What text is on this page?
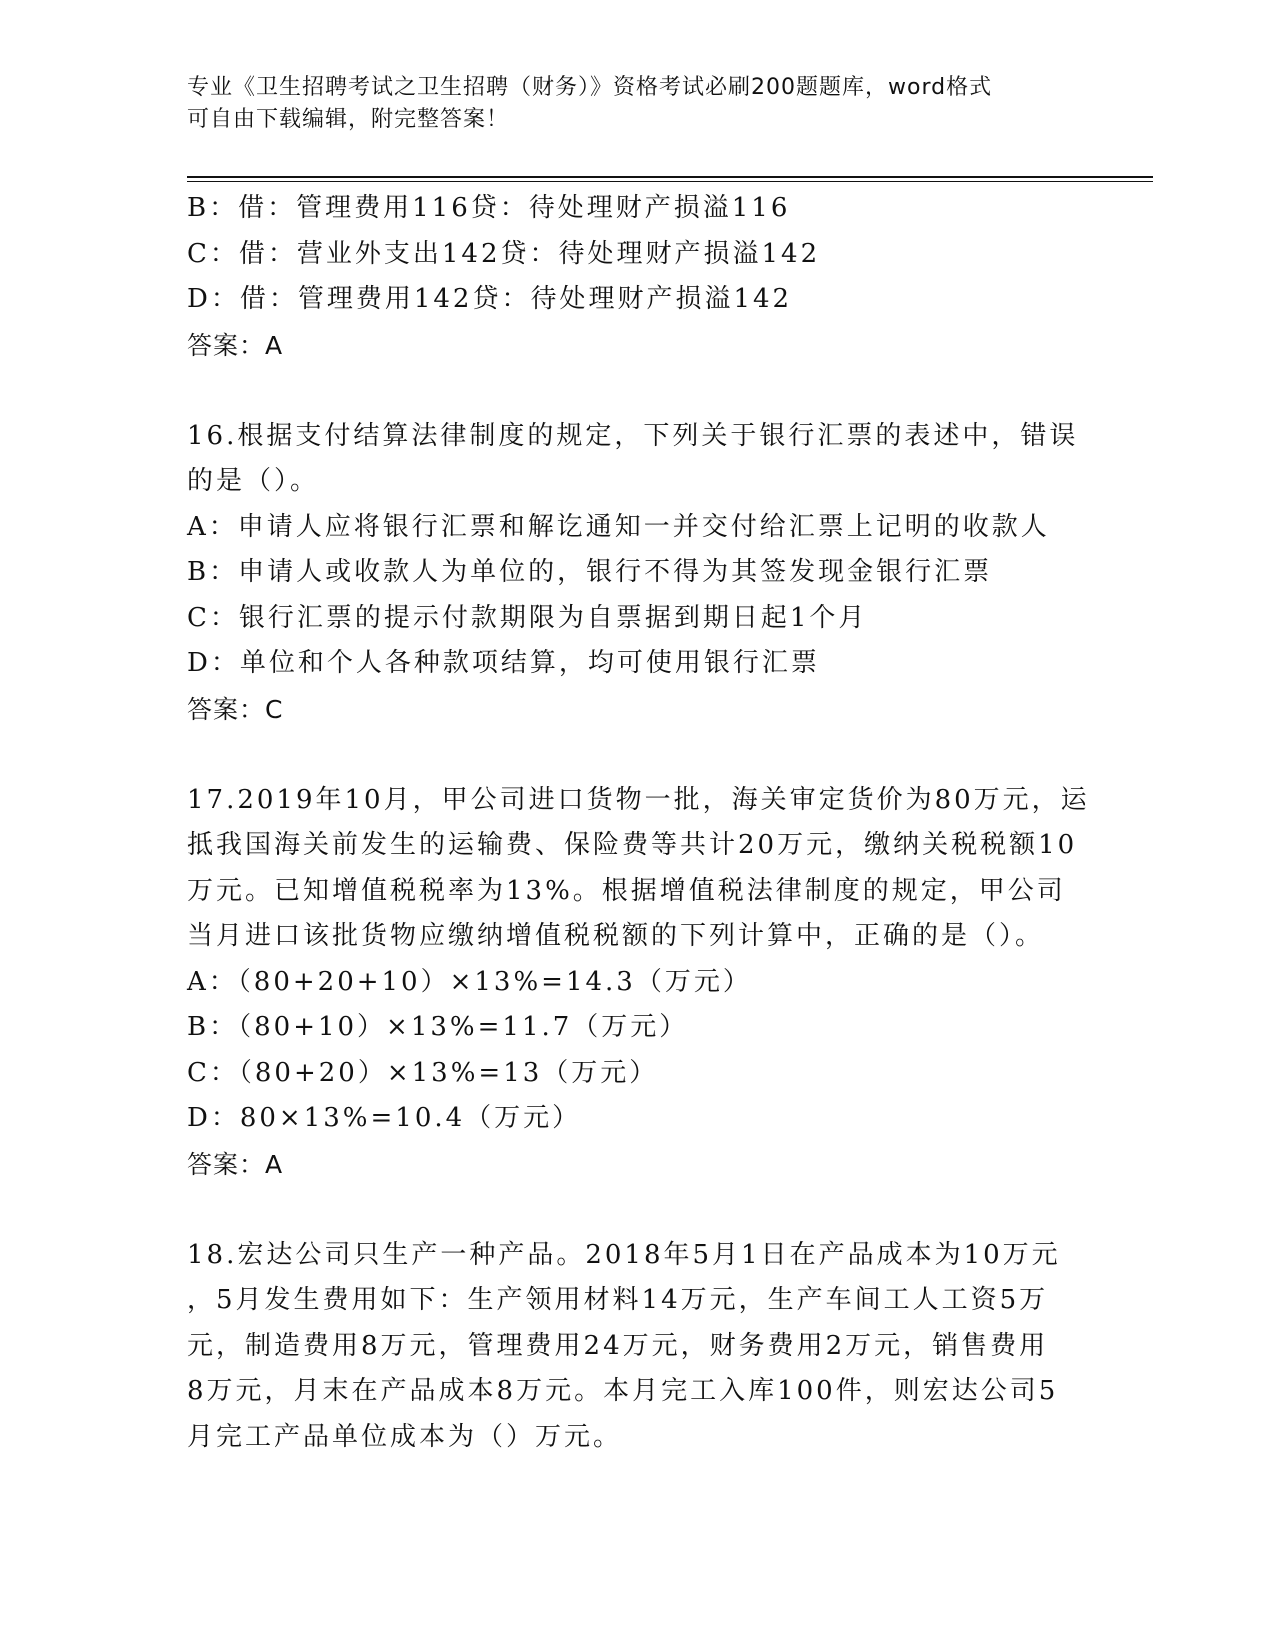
专业《卫生招聘考试之卫生招聘（财务）》资格考试必刷200题题库，word格式
可自由下载编辑，附完整答案！
B：借：管理费用116贷：待处理财产损溢116
C：借：营业外支出142贷：待处理财产损溢142
D：借：管理费用142贷：待处理财产损溢142
答案：A
16.根据支付结算法律制度的规定，下列关于银行汇票的表述中，错误
的是（）。
A：申请人应将银行汇票和解讫通知一并交付给汇票上记明的收款人
B：申请人或收款人为单位的，银行不得为其签发现金银行汇票
C：银行汇票的提示付款期限为自票据到期日起1个月
D：单位和个人各种款项结算，均可使用银行汇票
答案：C
17.2019年10月，甲公司进口货物一批，海关审定货价为80万元，运
抵我国海关前发生的运输费、保险费等共计20万元，缴纳关税税额10
万元。已知增值税税率为13%。根据增值税法律制度的规定，甲公司
当月进口该批货物应缴纳增值税税额的下列计算中，正确的是（）。
A：（80+20+10）×13%=14.3（万元）
B：（80+10）×13%=11.7（万元）
C：（80+20）×13%=13（万元）
D：80×13%=10.4（万元）
答案：A
18.宏达公司只生产一种产品。2018年5月1日在产品成本为10万元
，5月发生费用如下：生产领用材料14万元，生产车间工人工资5万
元，制造费用8万元，管理费用24万元，财务费用2万元，销售费用
8万元，月末在产品成本8万元。本月完工入库100件，则宏达公司5
月完工产品单位成本为（）万元。
